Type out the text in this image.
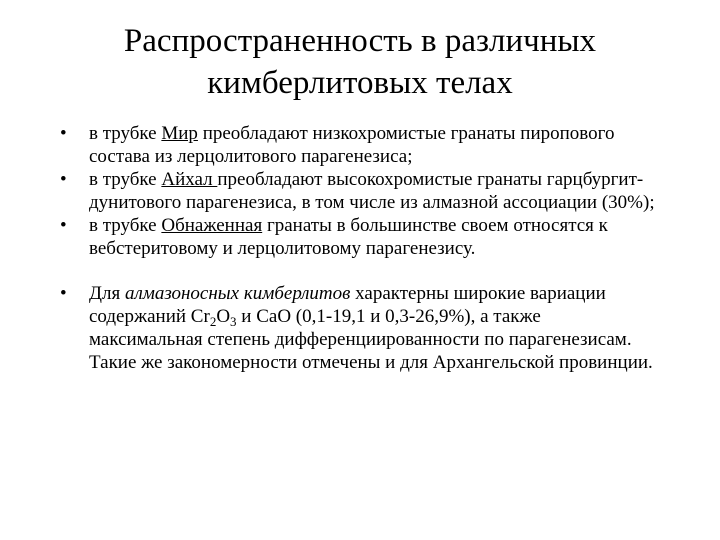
Распространенность в различных
кимберлитовых телах
• в трубке Мир преобладают низкохромистые гранаты пиропового состава из лерцолитового парагенезиса;
• в трубке Айхал преобладают высокохромистые гранаты гарцбургит-дунитового парагенезиса, в том числе из алмазной ассоциации (30%);
• в трубке Обнаженная гранаты в большинстве своем относятся к вебстеритовому и лерцолитовому парагенезису.
• Для алмазоносных кимберлитов характерны широкие вариации содержаний $Cr_2O_3$ и CaO (0,1-19,1 и 0,3-26,9%), а также максимальная степень дифференциированности по парагенезисам. Такие же закономерности отмечены и для Архангельской провинции.
